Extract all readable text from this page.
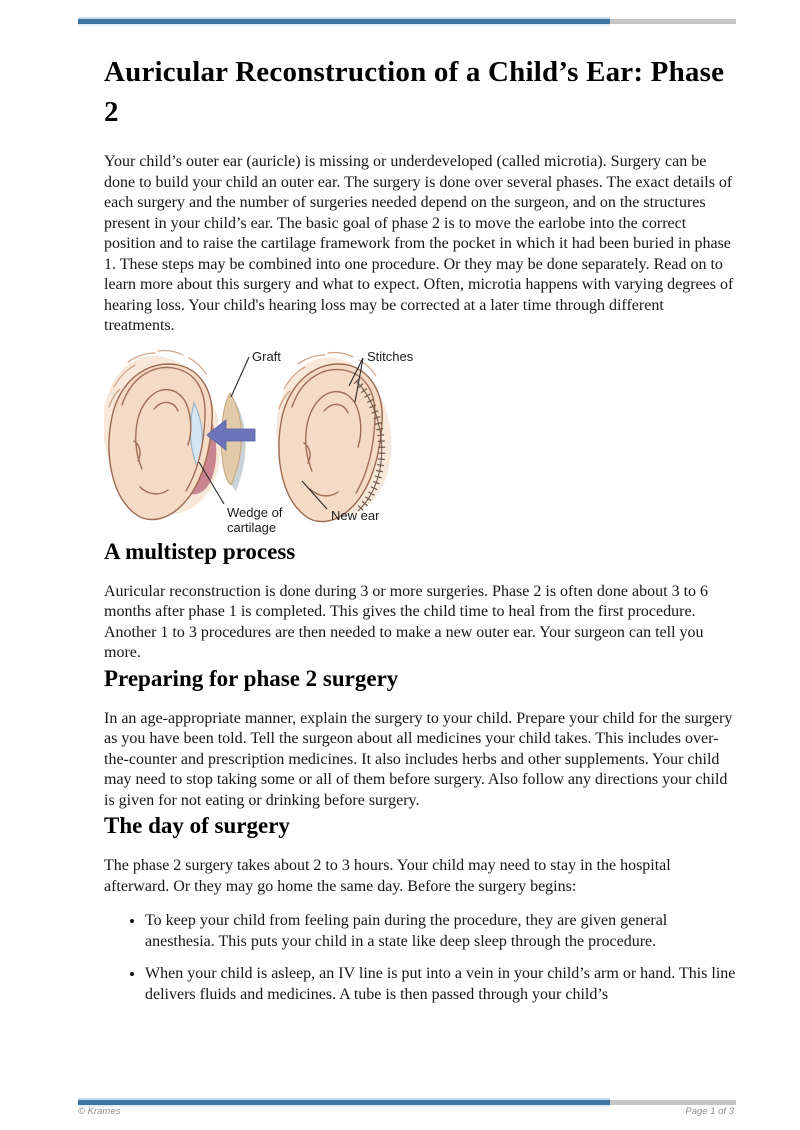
Auricular Reconstruction of a Child’s Ear: Phase 2

Your child’s outer ear (auricle) is missing or underdeveloped (called microtia). Surgery can be done to build your child an outer ear. The surgery is done over several phases. The exact details of each surgery and the number of surgeries needed depend on the surgeon, and on the structures present in your child’s ear. The basic goal of phase 2 is to move the earlobe into the correct position and to raise the cartilage framework from the pocket in which it had been buried in phase 1. These steps may be combined into one procedure. Or they may be done separately. Read on to learn more about this surgery and what to expect. Often, microtia happens with varying degrees of hearing loss. Your child's hearing loss may be corrected at a later time through different treatments.

Graft	Stitches
Wedge of
cartilage
New ear
A multistep process

Auricular reconstruction is done during 3 or more surgeries. Phase 2 is often done about 3 to 6 months after phase 1 is completed. This gives the child time to heal from the first procedure. Another 1 to 3 procedures are then needed to make a new outer ear. Your surgeon can tell you more.

Preparing for phase 2 surgery

In an age-appropriate manner, explain the surgery to your child. Prepare your child for the surgery as you have been told. Tell the surgeon about all medicines your child takes. This includes over-the-counter and prescription medicines. It also includes herbs and other supplements. Your child may need to stop taking some or all of them before surgery. Also follow any directions your child is given for not eating or drinking before surgery.

The day of surgery

The phase 2 surgery takes about 2 to 3 hours. Your child may need to stay in the hospital afterward. Or they may go home the same day. Before the surgery begins:

• To keep your child from feeling pain during the procedure, they are given general anesthesia. This puts your child in a state like deep sleep through the procedure.
• When your child is asleep, an IV line is put into a vein in your child’s arm or hand. This line delivers fluids and medicines. A tube is then passed through your child’s
© Krames	Page 1 of 3
